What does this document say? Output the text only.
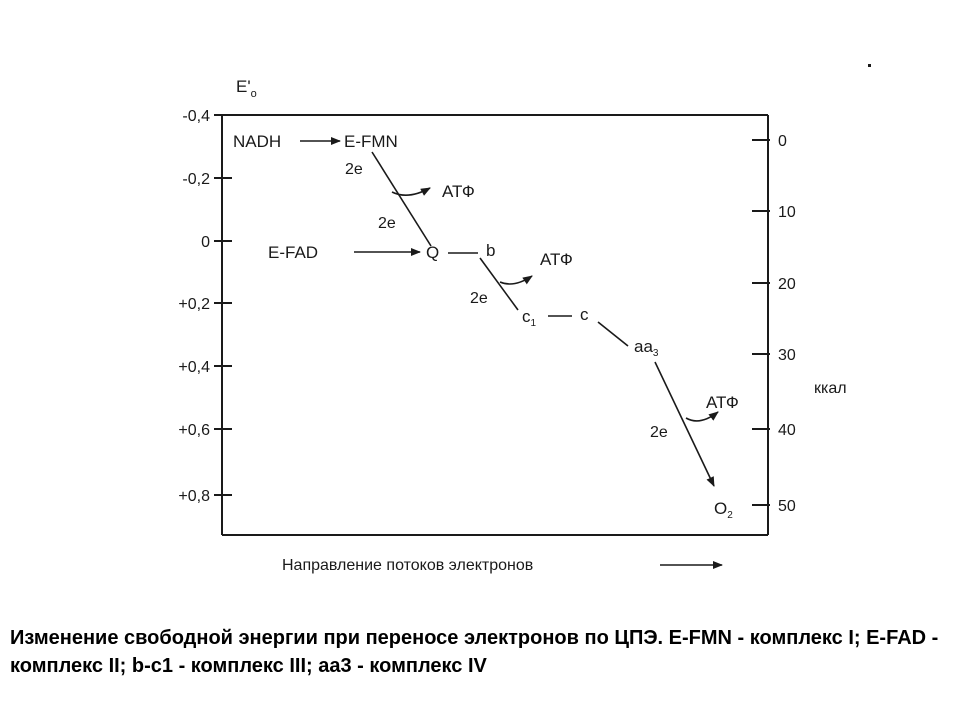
$E'_o$
-0,4
-0,2
0
+0,2
+0,4
+0,6
+0,8
0
10
20
30
40
50
ккал
NADH	E-FMN
2e
2e
АТФ
E-FAD	Q	b
2e
АТФ
$c_1$	c
$aa_3$
2e
АТФ
$O_2$
Направление потоков электронов

Изменение свободной энергии при переносе электронов по ЦПЭ. E-FMN - комплекс I; E-FAD - комплекс II; b-c1 - комплекс III; aa3 - комплекс IV
